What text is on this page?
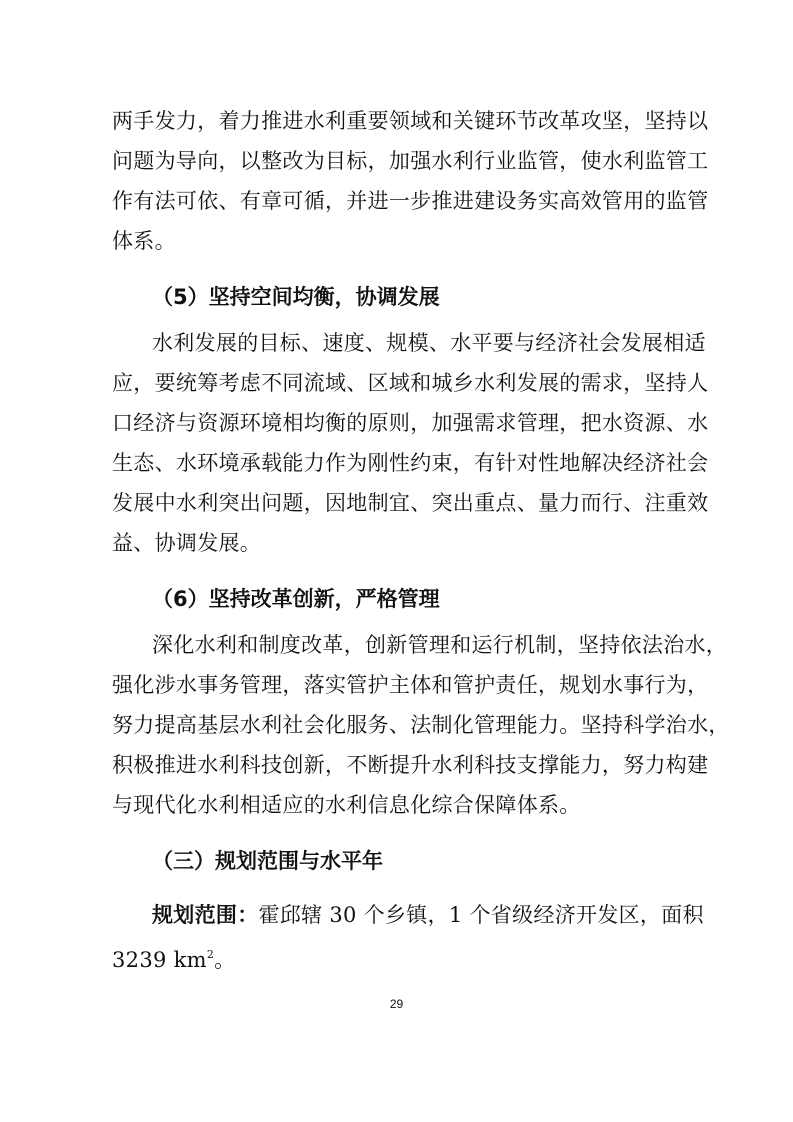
两手发力，着力推进水利重要领域和关键环节改革攻坚，坚持以
问题为导向，以整改为目标，加强水利行业监管，使水利监管工
作有法可依、有章可循，并进一步推进建设务实高效管用的监管
体系。
（5）坚持空间均衡，协调发展
水利发展的目标、速度、规模、水平要与经济社会发展相适
应，要统筹考虑不同流域、区域和城乡水利发展的需求，坚持人
口经济与资源环境相均衡的原则，加强需求管理，把水资源、水
生态、水环境承载能力作为刚性约束，有针对性地解决经济社会
发展中水利突出问题，因地制宜、突出重点、量力而行、注重效
益、协调发展。
（6）坚持改革创新，严格管理
深化水利和制度改革，创新管理和运行机制，坚持依法治水，
强化涉水事务管理，落实管护主体和管护责任，规划水事行为，
努力提高基层水利社会化服务、法制化管理能力。坚持科学治水，
积极推进水利科技创新，不断提升水利科技支撑能力，努力构建
与现代化水利相适应的水利信息化综合保障体系。
（三）规划范围与水平年
规划范围：霍邱辖 30 个乡镇，1 个省级经济开发区，面积
3239 $km^2$。
29
